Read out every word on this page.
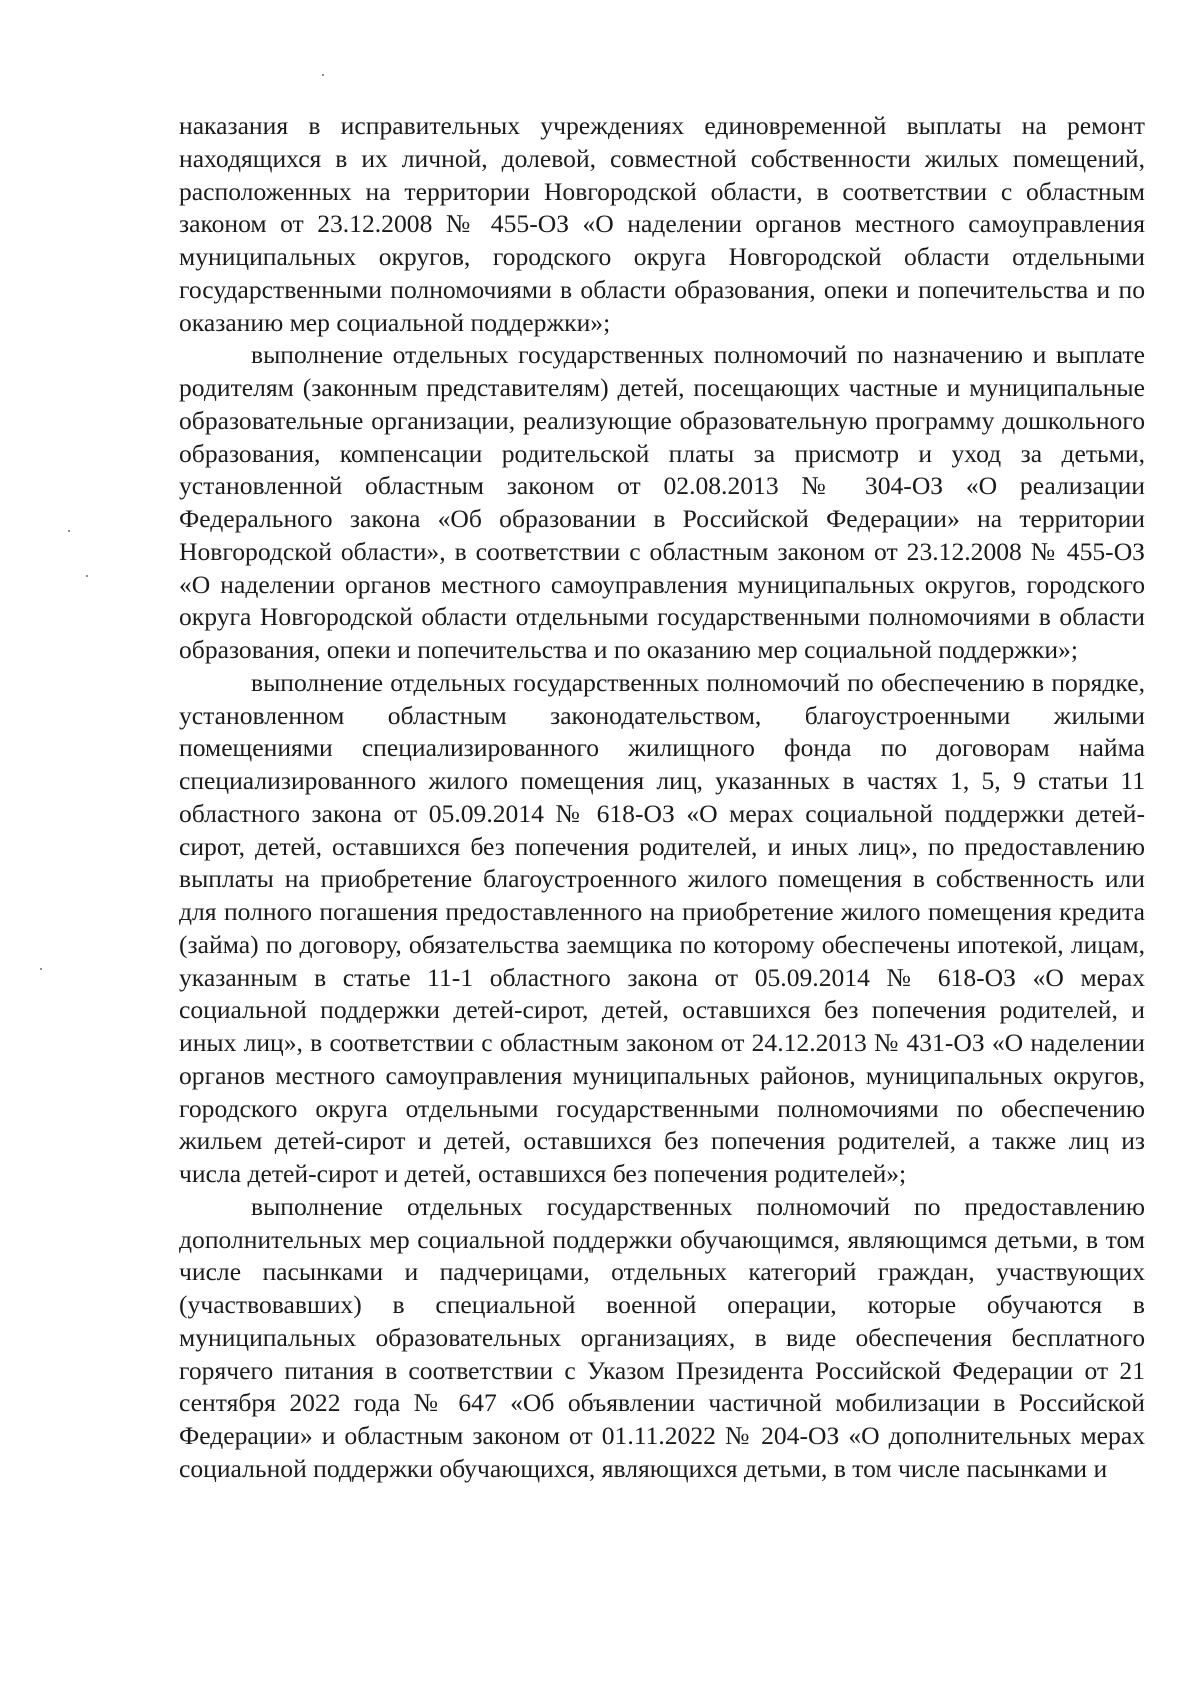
наказания в исправительных учреждениях единовременной выплаты на ремонт находящихся в их личной, долевой, совместной собственности жилых помещений, расположенных на территории Новгородской области, в соответствии с областным законом от 23.12.2008 № 455-ОЗ «О наделении органов местного самоуправления муниципальных округов, городского округа Новгородской области отдельными государственными полномочиями в области образования, опеки и попечительства и по оказанию мер социальной поддержки»;

выполнение отдельных государственных полномочий по назначению и выплате родителям (законным представителям) детей, посещающих частные и муниципальные образовательные организации, реализующие образовательную программу дошкольного образования, компенсации родительской платы за присмотр и уход за детьми, установленной областным законом от 02.08.2013 № 304-ОЗ «О реализации Федерального закона «Об образовании в Российской Федерации» на территории Новгородской области», в соответствии с областным законом от 23.12.2008 № 455-ОЗ «О наделении органов местного самоуправления муниципальных округов, городского округа Новгородской области отдельными государственными полномочиями в области образования, опеки и попечительства и по оказанию мер социальной поддержки»;

выполнение отдельных государственных полномочий по обеспечению в порядке, установленном областным законодательством, благоустроенными жилыми помещениями специализированного жилищного фонда по договорам найма специализированного жилого помещения лиц, указанных в частях 1, 5, 9 статьи 11 областного закона от 05.09.2014 № 618-ОЗ «О мерах социальной поддержки детей-сирот, детей, оставшихся без попечения родителей, и иных лиц», по предоставлению выплаты на приобретение благоустроенного жилого помещения в собственность или для полного погашения предоставленного на приобретение жилого помещения кредита (займа) по договору, обязательства заемщика по которому обеспечены ипотекой, лицам, указанным в статье 11-1 областного закона от 05.09.2014 № 618-ОЗ «О мерах социальной поддержки детей-сирот, детей, оставшихся без попечения родителей, и иных лиц», в соответствии с областным законом от 24.12.2013 № 431-ОЗ «О наделении органов местного самоуправления муниципальных районов, муниципальных округов, городского округа отдельными государственными полномочиями по обеспечению жильем детей-сирот и детей, оставшихся без попечения родителей, а также лиц из числа детей-сирот и детей, оставшихся без попечения родителей»;

выполнение отдельных государственных полномочий по предоставлению дополнительных мер социальной поддержки обучающимся, являющимся детьми, в том числе пасынками и падчерицами, отдельных категорий граждан, участвующих (участвовавших) в специальной военной операции, которые обучаются в муниципальных образовательных организациях, в виде обеспечения бесплатного горячего питания в соответствии с Указом Президента Российской Федерации от 21 сентября 2022 года № 647 «Об объявлении частичной мобилизации в Российской Федерации» и областным законом от 01.11.2022 № 204-ОЗ «О дополнительных мерах социальной поддержки обучающихся, являющихся детьми, в том числе пасынками и
